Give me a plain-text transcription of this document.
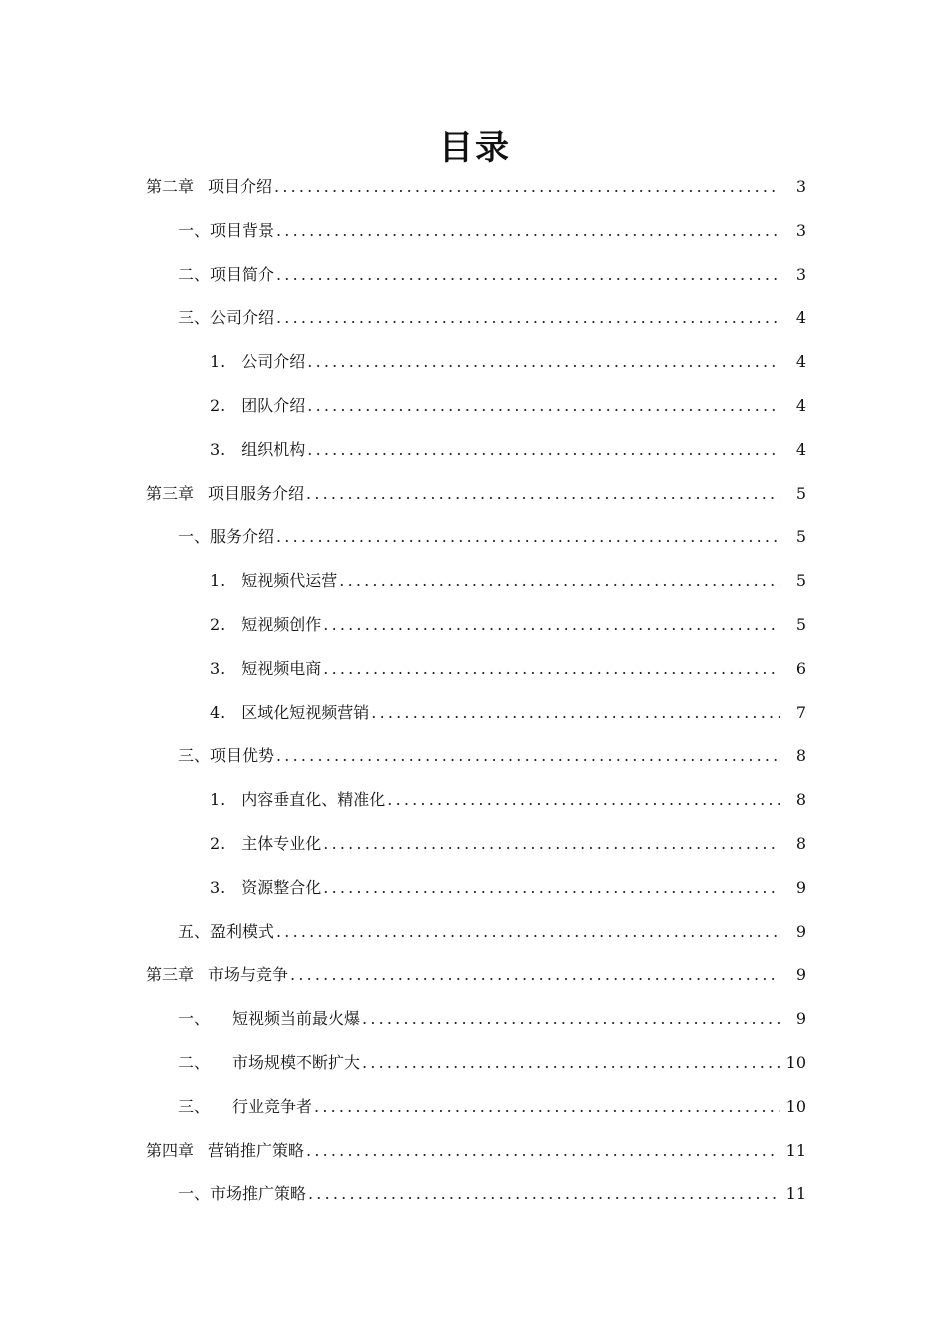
目录
第二章 项目介绍 .....	3
一、项目背景 .....	3
二、项目简介 .....	3
三、公司介绍 .....	4
1. 公司介绍 .....	4
2. 团队介绍 .....	4
3. 组织机构 .....	4
第三章 项目服务介绍 .....	5
一、服务介绍 .....	5
1. 短视频代运营 .....	5
2. 短视频创作 .....	5
3. 短视频电商 .....	6
4. 区域化短视频营销 .....	7
三、项目优势 .....	8
1. 内容垂直化、精准化 .....	8
2. 主体专业化 .....	8
3. 资源整合化 .....	9
五、盈利模式 .....	9
第三章 市场与竞争 .....	9
一、 短视频当前最火爆 .....	9
二、 市场规模不断扩大 .....	10
三、 行业竞争者 .....	10
第四章 营销推广策略 .....	11
一、市场推广策略 .....	11
